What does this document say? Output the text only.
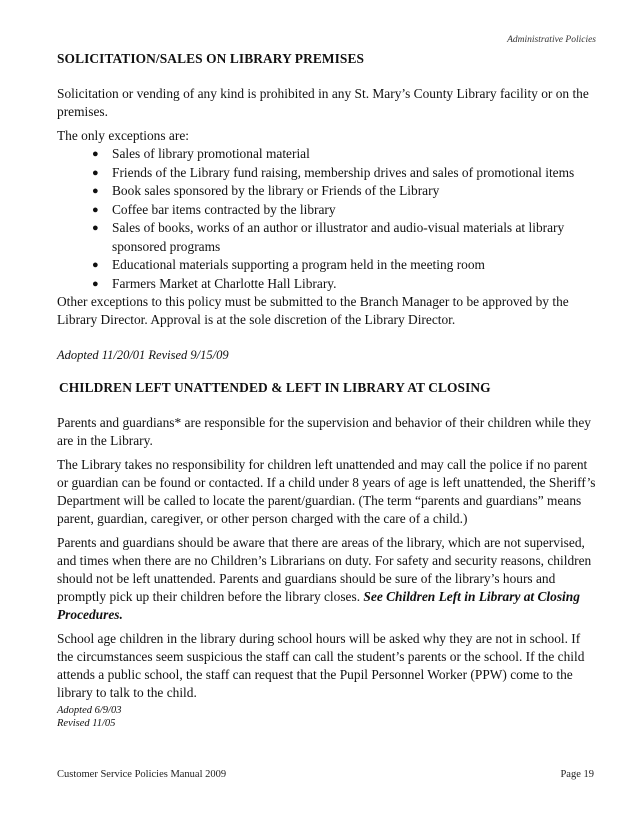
Administrative Policies
SOLICITATION/SALES ON LIBRARY PREMISES

Solicitation or vending of any kind is prohibited in any St. Mary’s County Library facility or on the premises.

The only exceptions are:

● Sales of library promotional material
● Friends of the Library fund raising, membership drives and sales of promotional items
● Book sales sponsored by the library or Friends of the Library
● Coffee bar items contracted by the library
● Sales of books, works of an author or illustrator and audio-visual materials at library sponsored programs
● Educational materials supporting a program held in the meeting room
● Farmers Market at Charlotte Hall Library.

Other exceptions to this policy must be submitted to the Branch Manager to be approved by the Library Director. Approval is at the sole discretion of the Library Director.

Adopted 11/20/01 Revised 9/15/09
CHILDREN LEFT UNATTENDED & LEFT IN LIBRARY AT CLOSING

Parents and guardians* are responsible for the supervision and behavior of their children while they are in the Library.

The Library takes no responsibility for children left unattended and may call the police if no parent or guardian can be found or contacted. If a child under 8 years of age is left unattended, the Sheriff’s Department will be called to locate the parent/guardian. (The term “parents and guardians” means parent, guardian, caregiver, or other person charged with the care of a child.)

Parents and guardians should be aware that there are areas of the library, which are not supervised, and times when there are no Children’s Librarians on duty. For safety and security reasons, children should not be left unattended. Parents and guardians should be sure of the library’s hours and promptly pick up their children before the library closes. See Children Left in Library at Closing Procedures.

School age children in the library during school hours will be asked why they are not in school. If the circumstances seem suspicious the staff can call the student’s parents or the school. If the child attends a public school, the staff can request that the Pupil Personnel Worker (PPW) come to the library to talk to the child.

Adopted 6/9/03
Revised 11/05
Customer Service Policies Manual 2009	Page 19
